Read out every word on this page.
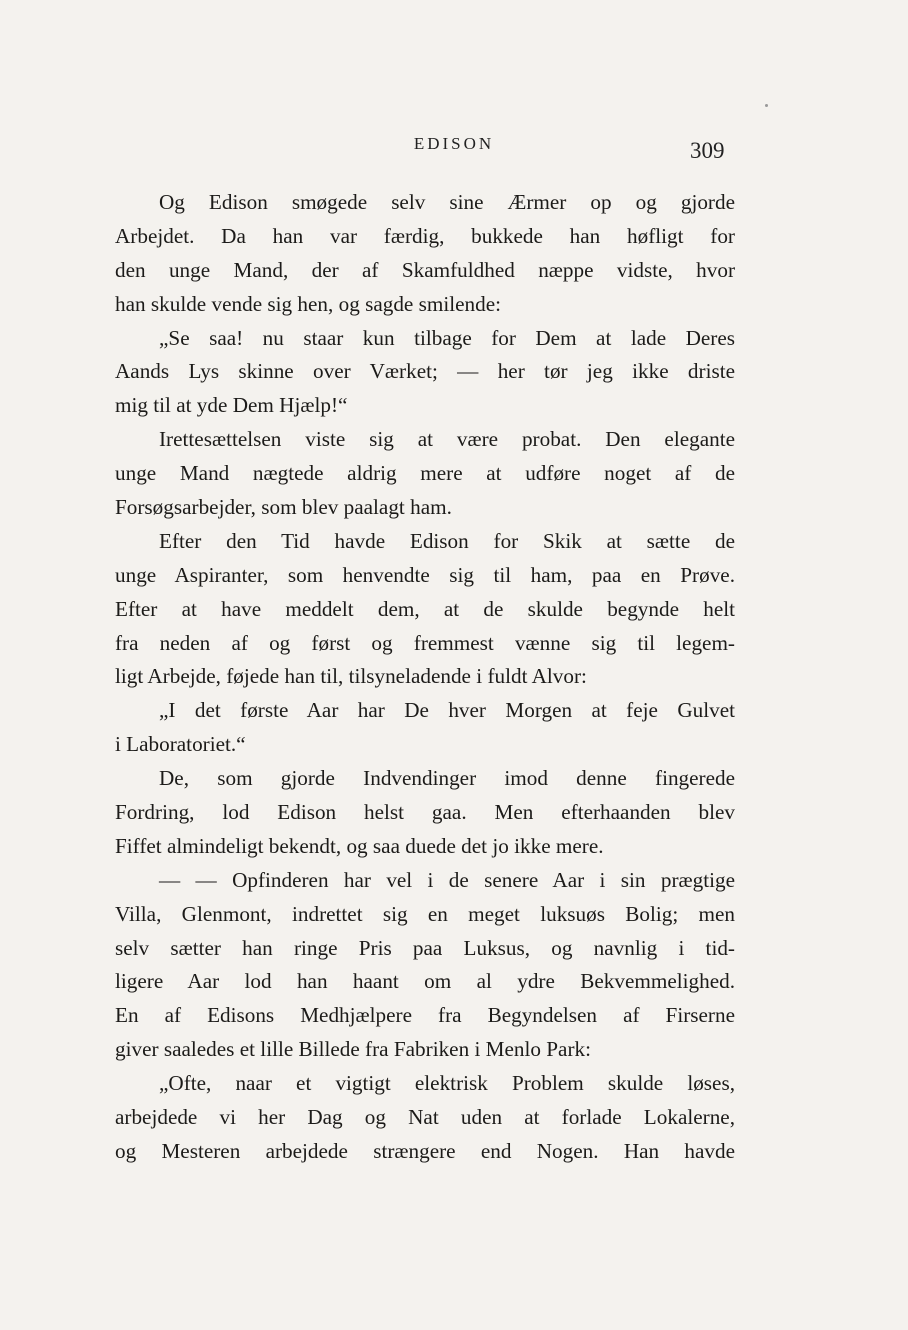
EDISON	309
Og Edison smøgede selv sine Ærmer op og gjorde
Arbejdet. Da han var færdig, bukkede han høfligt for
den unge Mand, der af Skamfuldhed næppe vidste, hvor
han skulde vende sig hen, og sagde smilende:
„Se saa! nu staar kun tilbage for Dem at lade Deres
Aands Lys skinne over Værket; — her tør jeg ikke driste
mig til at yde Dem Hjælp!“
Irettesættelsen viste sig at være probat. Den elegante
unge Mand nægtede aldrig mere at udføre noget af de
Forsøgsarbejder, som blev paalagt ham.
Efter den Tid havde Edison for Skik at sætte de
unge Aspiranter, som henvendte sig til ham, paa en Prøve.
Efter at have meddelt dem, at de skulde begynde helt
fra neden af og først og fremmest vænne sig til legem-
ligt Arbejde, føjede han til, tilsyneladende i fuldt Alvor:
„I det første Aar har De hver Morgen at feje Gulvet
i Laboratoriet.“
De, som gjorde Indvendinger imod denne fingerede
Fordring, lod Edison helst gaa. Men efterhaanden blev
Fiffet almindeligt bekendt, og saa duede det jo ikke mere.
— — Opfinderen har vel i de senere Aar i sin prægtige
Villa, Glenmont, indrettet sig en meget luksuøs Bolig; men
selv sætter han ringe Pris paa Luksus, og navnlig i tid-
ligere Aar lod han haant om al ydre Bekvemmelighed.
En af Edisons Medhjælpere fra Begyndelsen af Firserne
giver saaledes et lille Billede fra Fabriken i Menlo Park:
„Ofte, naar et vigtigt elektrisk Problem skulde løses,
arbejdede vi her Dag og Nat uden at forlade Lokalerne,
og Mesteren arbejdede strængere end Nogen. Han havde
